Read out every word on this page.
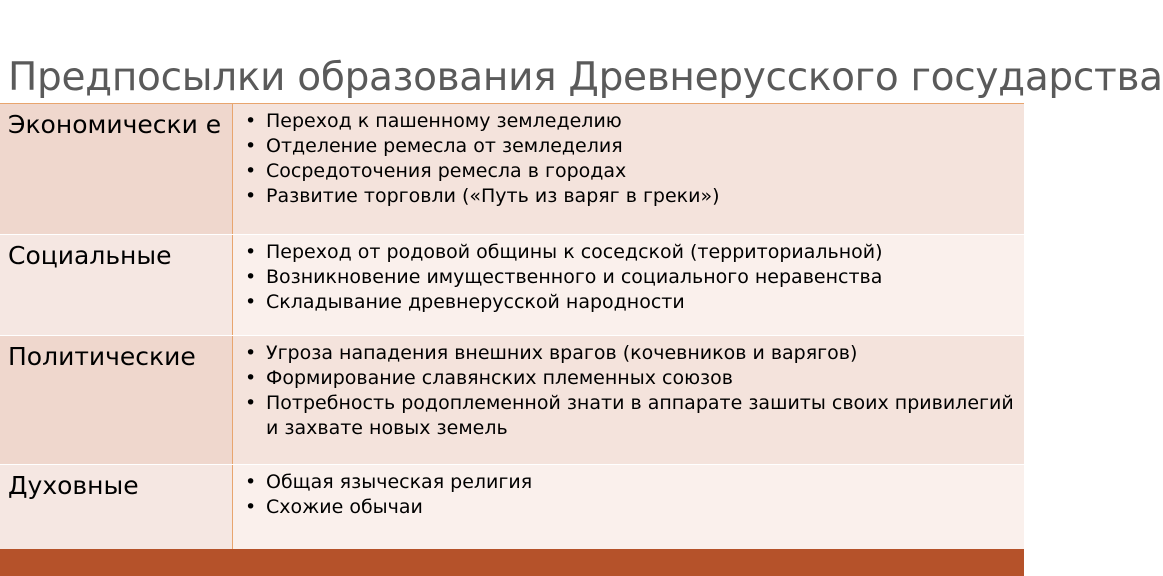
Предпосылки образования Древнерусского государства
Экономически е	• Переход к пашенному земледелию
• Отделение ремесла от земледелия
• Сосредоточения ремесла в городах
• Развитие торговли («Путь из варяг в греки»)
Социальные	• Переход от родовой общины к соседской (территориальной)
• Возникновение имущественного и социального неравенства
• Складывание древнерусской народности
Политические	• Угроза нападения внешних врагов (кочевников и варягов)
• Формирование славянских племенных союзов
• Потребность родоплеменной знати в аппарате зашиты своих привилегий и захвате новых земель
Духовные	• Общая языческая религия
• Схожие обычаи
